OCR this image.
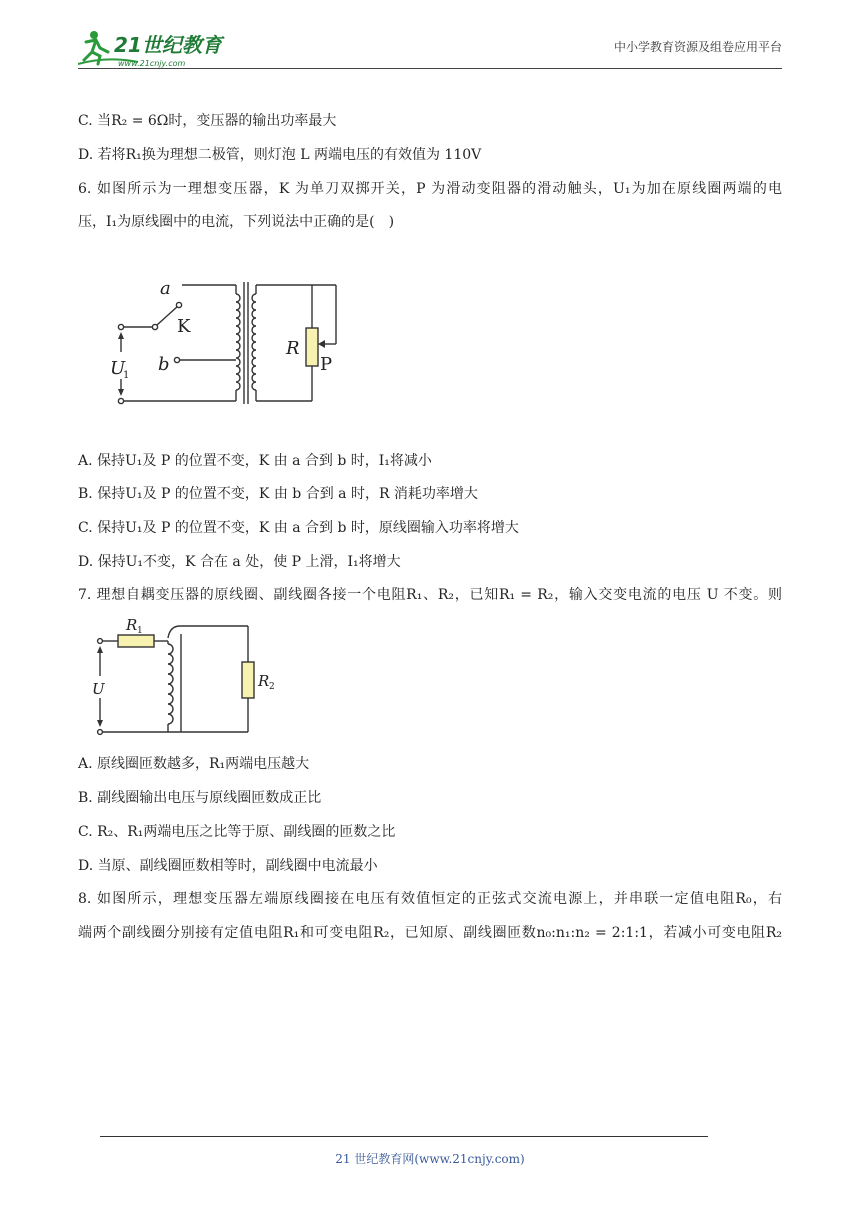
21世纪教育
www.21cnjy.com
中小学教育资源及组卷应用平台
C. 当R₂ = 6Ω时，变压器的输出功率最大
D. 若将R₁换为理想二极管，则灯泡 L 两端电压的有效值为 110V
6. 如图所示为一理想变压器，K 为单刀双掷开关，P 为滑动变阻器的滑动触头，U₁为加在原线圈两端的电
压，I₁为原线圈中的电流，下列说法中正确的是(　)
a
K
b
U
1
R
P
A. 保持U₁及 P 的位置不变，K 由 a 合到 b 时，I₁将减小
B. 保持U₁及 P 的位置不变，K 由 b 合到 a 时，R 消耗功率增大
C. 保持U₁及 P 的位置不变，K 由 a 合到 b 时，原线圈输入功率将增大
D. 保持U₁不变，K 合在 a 处，使 P 上滑，I₁将增大
7. 理想自耦变压器的原线圈、副线圈各接一个电阻R₁、R₂，已知R₁ = R₂，输入交变电流的电压 U 不变。则
R 1
R 2
U
A. 原线圈匝数越多，R₁两端电压越大
B. 副线圈输出电压与原线圈匝数成正比
C. R₂、R₁两端电压之比等于原、副线圈的匝数之比
D. 当原、副线圈匝数相等时，副线圈中电流最小
8. 如图所示，理想变压器左端原线圈接在电压有效值恒定的正弦式交流电源上，并串联一定值电阻R₀，右
端两个副线圈分别接有定值电阻R₁和可变电阻R₂，已知原、副线圈匝数n₀:n₁:n₂ = 2:1:1，若减小可变电阻R₂
21 世纪教育网(www.21cnjy.com)
